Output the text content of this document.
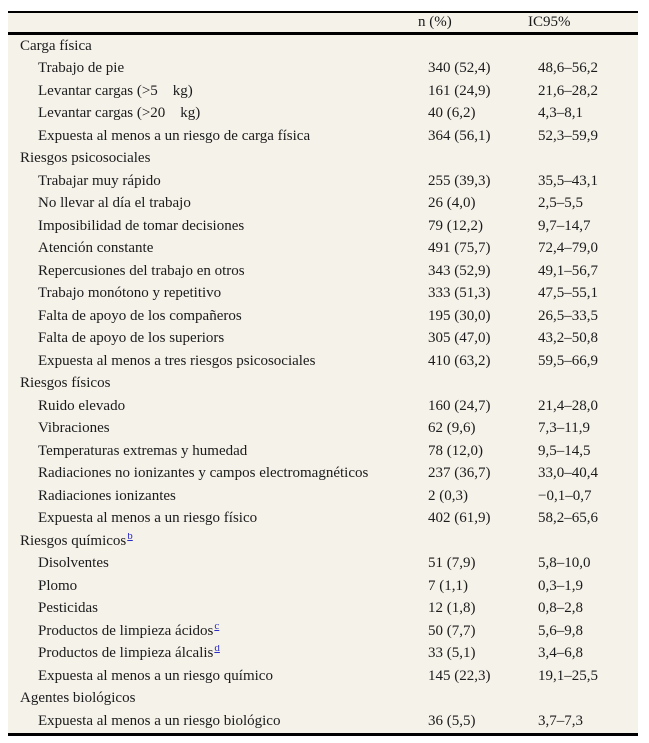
n (%)	IC95%
Carga física
Trabajo de pie	340 (52,4)	48,6–56,2
Levantar cargas (>5    kg)	161 (24,9)	21,6–28,2
Levantar cargas (>20    kg)	40 (6,2)	4,3–8,1
Expuesta al menos a un riesgo de carga física	364 (56,1)	52,3–59,9
Riesgos psicosociales
Trabajar muy rápido	255 (39,3)	35,5–43,1
No llevar al día el trabajo	26 (4,0)	2,5–5,5
Imposibilidad de tomar decisiones	79 (12,2)	9,7–14,7
Atención constante	491 (75,7)	72,4–79,0
Repercusiones del trabajo en otros	343 (52,9)	49,1–56,7
Trabajo monótono y repetitivo	333 (51,3)	47,5–55,1
Falta de apoyo de los compañeros	195 (30,0)	26,5–33,5
Falta de apoyo de los superiors	305 (47,0)	43,2–50,8
Expuesta al menos a tres riesgos psicosociales	410 (63,2)	59,5–66,9
Riesgos físicos
Ruido elevado	160 (24,7)	21,4–28,0
Vibraciones	62 (9,6)	7,3–11,9
Temperaturas extremas y humedad	78 (12,0)	9,5–14,5
Radiaciones no ionizantes y campos electromagnéticos	237 (36,7)	33,0–40,4
Radiaciones ionizantes	2 (0,3)	−0,1–0,7
Expuesta al menos a un riesgo físico	402 (61,9)	58,2–65,6
Riesgos químicos$^b$
Disolventes	51 (7,9)	5,8–10,0
Plomo	7 (1,1)	0,3–1,9
Pesticidas	12 (1,8)	0,8–2,8
Productos de limpieza ácidos$^c$	50 (7,7)	5,6–9,8
Productos de limpieza álcalis$^d$	33 (5,1)	3,4–6,8
Expuesta al menos a un riesgo químico	145 (22,3)	19,1–25,5
Agentes biológicos
Expuesta al menos a un riesgo biológico	36 (5,5)	3,7–7,3
